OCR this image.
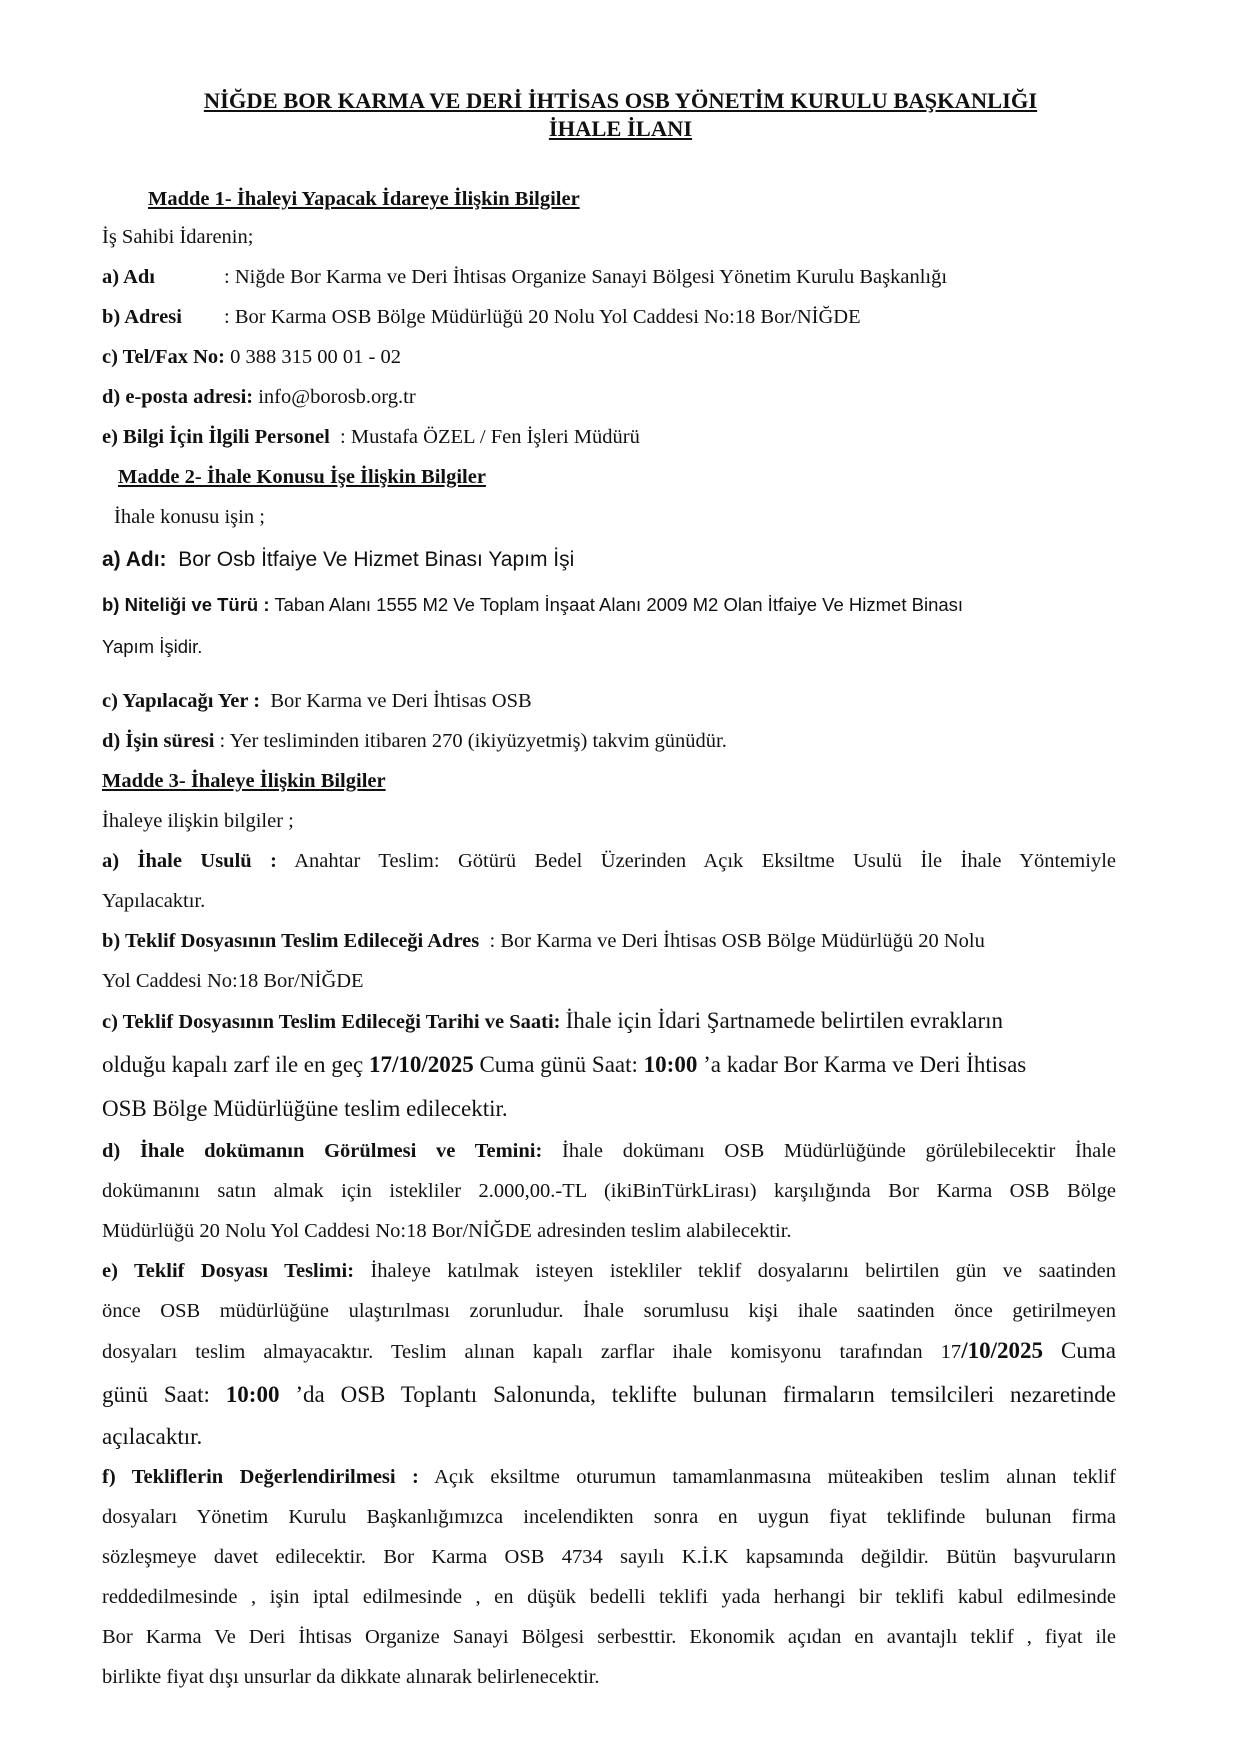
NİĞDE BOR KARMA VE DERİ İHTİSAS OSB YÖNETİM KURULU BAŞKANLIĞI
İHALE İLANI
Madde 1- İhaleyi Yapacak İdareye İlişkin Bilgiler
İş Sahibi İdarenin;
a) Adı	: Niğde Bor Karma ve Deri İhtisas Organize Sanayi Bölgesi Yönetim Kurulu Başkanlığı
b) Adresi : Bor Karma OSB Bölge Müdürlüğü 20 Nolu Yol Caddesi No:18 Bor/NİĞDE
c) Tel/Fax No: 0 388 315 00 01 - 02
d) e-posta adresi: info@borosb.org.tr
e) Bilgi İçin İlgili Personel : Mustafa ÖZEL / Fen İşleri Müdürü
Madde 2- İhale Konusu İşe İlişkin Bilgiler
İhale konusu işin ;
a) Adı: Bor Osb İtfaiye Ve Hizmet Binası Yapım İşi
b) Niteliği ve Türü : Taban Alanı 1555 M2 Ve Toplam İnşaat Alanı 2009 M2 Olan İtfaiye Ve Hizmet Binası
Yapım İşidir.
c) Yapılacağı Yer : Bor Karma ve Deri İhtisas OSB
d) İşin süresi : Yer tesliminden itibaren 270 (ikiyüzyetmiş) takvim günüdür.
Madde 3- İhaleye İlişkin Bilgiler
İhaleye ilişkin bilgiler ;
a) İhale Usulü : Anahtar Teslim: Götürü Bedel Üzerinden Açık Eksiltme Usulü İle İhale Yöntemiyle
Yapılacaktır.
b) Teklif Dosyasının Teslim Edileceği Adres : Bor Karma ve Deri İhtisas OSB Bölge Müdürlüğü 20 Nolu
Yol Caddesi No:18 Bor/NİĞDE
c) Teklif Dosyasının Teslim Edileceği Tarihi ve Saati: İhale için İdari Şartnamede belirtilen evrakların
olduğu kapalı zarf ile en geç 17/10/2025 Cuma günü Saat: 10:00 ’a kadar Bor Karma ve Deri İhtisas
OSB Bölge Müdürlüğüne teslim edilecektir.
d) İhale dokümanın Görülmesi ve Temini: İhale dokümanı OSB Müdürlüğünde görülebilecektir İhale
dokümanını satın almak için istekliler 2.000,00.-TL (ikiBinTürkLirası) karşılığında Bor Karma OSB Bölge
Müdürlüğü 20 Nolu Yol Caddesi No:18 Bor/NİĞDE adresinden teslim alabilecektir.
e) Teklif Dosyası Teslimi: İhaleye katılmak isteyen istekliler teklif dosyalarını belirtilen gün ve saatinden
önce OSB müdürlüğüne ulaştırılması zorunludur. İhale sorumlusu kişi ihale saatinden önce getirilmeyen
dosyaları teslim almayacaktır. Teslim alınan kapalı zarflar ihale komisyonu tarafından 17/10/2025 Cuma
günü Saat: 10:00 ’da OSB Toplantı Salonunda, teklifte bulunan firmaların temsilcileri nezaretinde
açılacaktır.
f) Tekliflerin Değerlendirilmesi : Açık eksiltme oturumun tamamlanmasına müteakiben teslim alınan teklif
dosyaları Yönetim Kurulu Başkanlığımızca incelendikten sonra en uygun fiyat teklifinde bulunan firma
sözleşmeye davet edilecektir. Bor Karma OSB 4734 sayılı K.İ.K kapsamında değildir. Bütün başvuruların
reddedilmesinde , işin iptal edilmesinde , en düşük bedelli teklifi yada herhangi bir teklifi kabul edilmesinde
Bor Karma Ve Deri İhtisas Organize Sanayi Bölgesi serbesttir. Ekonomik açıdan en avantajlı teklif , fiyat ile
birlikte fiyat dışı unsurlar da dikkate alınarak belirlenecektir.
